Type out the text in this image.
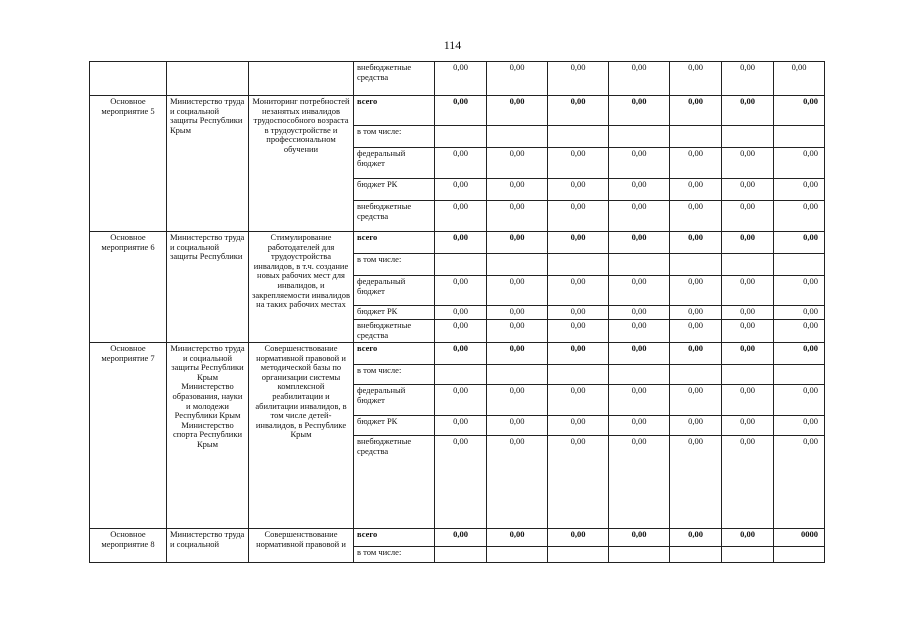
114
			внебюджетные средства	0,00	0,00	0,00	0,00	0,00	0,00	0,00
Основное мероприятие 5	Министерство труда и социальной защиты Республики Крым	Мониторинг потребностей незанятых инвалидов трудоспособного возраста в трудоустройстве и профессиональном обучении	всего	0,00	0,00	0,00	0,00	0,00	0,00	0,00
			в том числе:							
			федеральный бюджет	0,00	0,00	0,00	0,00	0,00	0,00	0,00
			бюджет РК	0,00	0,00	0,00	0,00	0,00	0,00	0,00
			внебюджетные средства	0,00	0,00	0,00	0,00	0,00	0,00	0,00
Основное мероприятие 6	Министерство труда и социальной защиты Республики	Стимулирование работодателей для трудоустройства инвалидов, в т.ч. создание новых рабочих мест для инвалидов, и закрепляемости инвалидов на таких рабочих местах	всего	0,00	0,00	0,00	0,00	0,00	0,00	0,00
			в том числе:							
			федеральный бюджет	0,00	0,00	0,00	0,00	0,00	0,00	0,00
			бюджет РК	0,00	0,00	0,00	0,00	0,00	0,00	0,00
			внебюджетные средства	0,00	0,00	0,00	0,00	0,00	0,00	0,00
Основное мероприятие 7	Министерство труда и социальной защиты Республики Крым Министерство образования, науки и молодежи Республики Крым Министерство спорта Республики Крым	Совершенствование нормативной правовой и методической базы по организации системы комплексной реабилитации и абилитации инвалидов, в том числе детей-инвалидов, в Республике Крым	всего	0,00	0,00	0,00	0,00	0,00	0,00	0,00
			в том числе:							
			федеральный бюджет	0,00	0,00	0,00	0,00	0,00	0,00	0,00
			бюджет РК	0,00	0,00	0,00	0,00	0,00	0,00	0,00
			внебюджетные средства	0,00	0,00	0,00	0,00	0,00	0,00	0,00
Основное мероприятие 8	Министерство труда и социальной	Совершенствование нормативной правовой и	всего	0,00	0,00	0,00	0,00	0,00	0,00	0000
			в том числе:							
